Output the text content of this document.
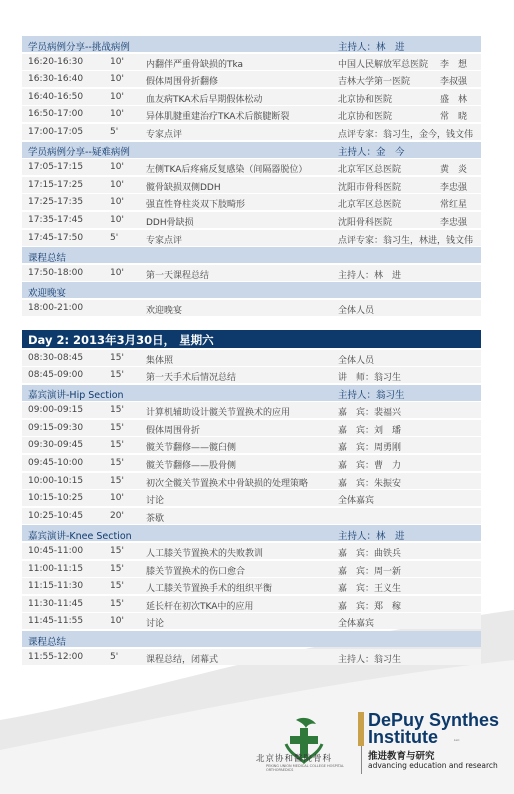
学员病例分享--挑战病例	主持人：林　进
16:20-16:30	10' 内翻伴严重骨缺损的Tka	中国人民解放军总医院 李　想
16:30-16:40	10' 假体周围骨折翻修	吉林大学第一医院	李叔强
16:40-16:50	10' 血友病TKA术后早期假体松动	北京协和医院	盛　林
16:50-17:00	10' 异体肌腱重建治疗TKA术后髌腱断裂	北京协和医院	常　晓
17:00-17:05	5'	专家点评	点评专家：翁习生，金今，钱文伟
学员病例分享--疑难病例	主持人：金　今
17:05-17:15	10' 左侧TKA后疼痛反复感染（间隔器脱位）	北京军区总医院	黄　炎
17:15-17:25	10' 髋骨缺损双侧DDH	沈阳市骨科医院	李忠强
17:25-17:35	10' 强直性脊柱炎双下肢畸形	北京军区总医院	常红星
17:35-17:45	10' DDH骨缺损	沈阳骨科医院	李忠强
17:45-17:50	5'	专家点评	点评专家：翁习生，林进，钱文伟
课程总结
17:50-18:00	10' 第一天课程总结	主持人：林　进
欢迎晚宴
18:00-21:00	欢迎晚宴	全体人员
Day 2: 2013年3月30日， 星期六
08:30-08:45	15' 集体照	全体人员
08:45-09:00	15' 第一天手术后情况总结	讲　师：翁习生
嘉宾演讲-Hip Section	主持人：翁习生
09:00-09:15	15' 计算机辅助设计髋关节置换术的应用	嘉　宾：裴福兴
09:15-09:30	15' 假体周围骨折	嘉　宾：刘　璠
09:30-09:45	15' 髋关节翻修——髋臼侧	嘉　宾：周勇刚
09:45-10:00	15' 髋关节翻修——股骨侧	嘉　宾：曹　力
10:00-10:15	15' 初次全髋关节置换术中骨缺损的处理策略	嘉　宾：朱振安
10:15-10:25	10' 讨论	全体嘉宾
10:25-10:45	20' 茶歇
嘉宾演讲-Knee Section	主持人：林　进
10:45-11:00	15' 人工膝关节置换术的失败教训	嘉　宾：曲铁兵
11:00-11:15	15' 膝关节置换术的伤口愈合	嘉　宾：周一新
11:15-11:30	15' 人工膝关节置换手术的组织平衡	嘉　宾：王义生
11:30-11:45	15' 延长杆在初次TKA中的应用	嘉　宾：郑　稼
11:45-11:55	10' 讨论	全体嘉宾
课程总结
11:55-12:00	5'	课程总结，闭幕式	主持人：翁习生
北京协和醫院骨科
PEKING UNION MEDICAL COLLEGE HOSPITAL ORTHOPAEDICS
DePuy Synthes
Institute	LLC
推进教育与研究
advancing education and research
